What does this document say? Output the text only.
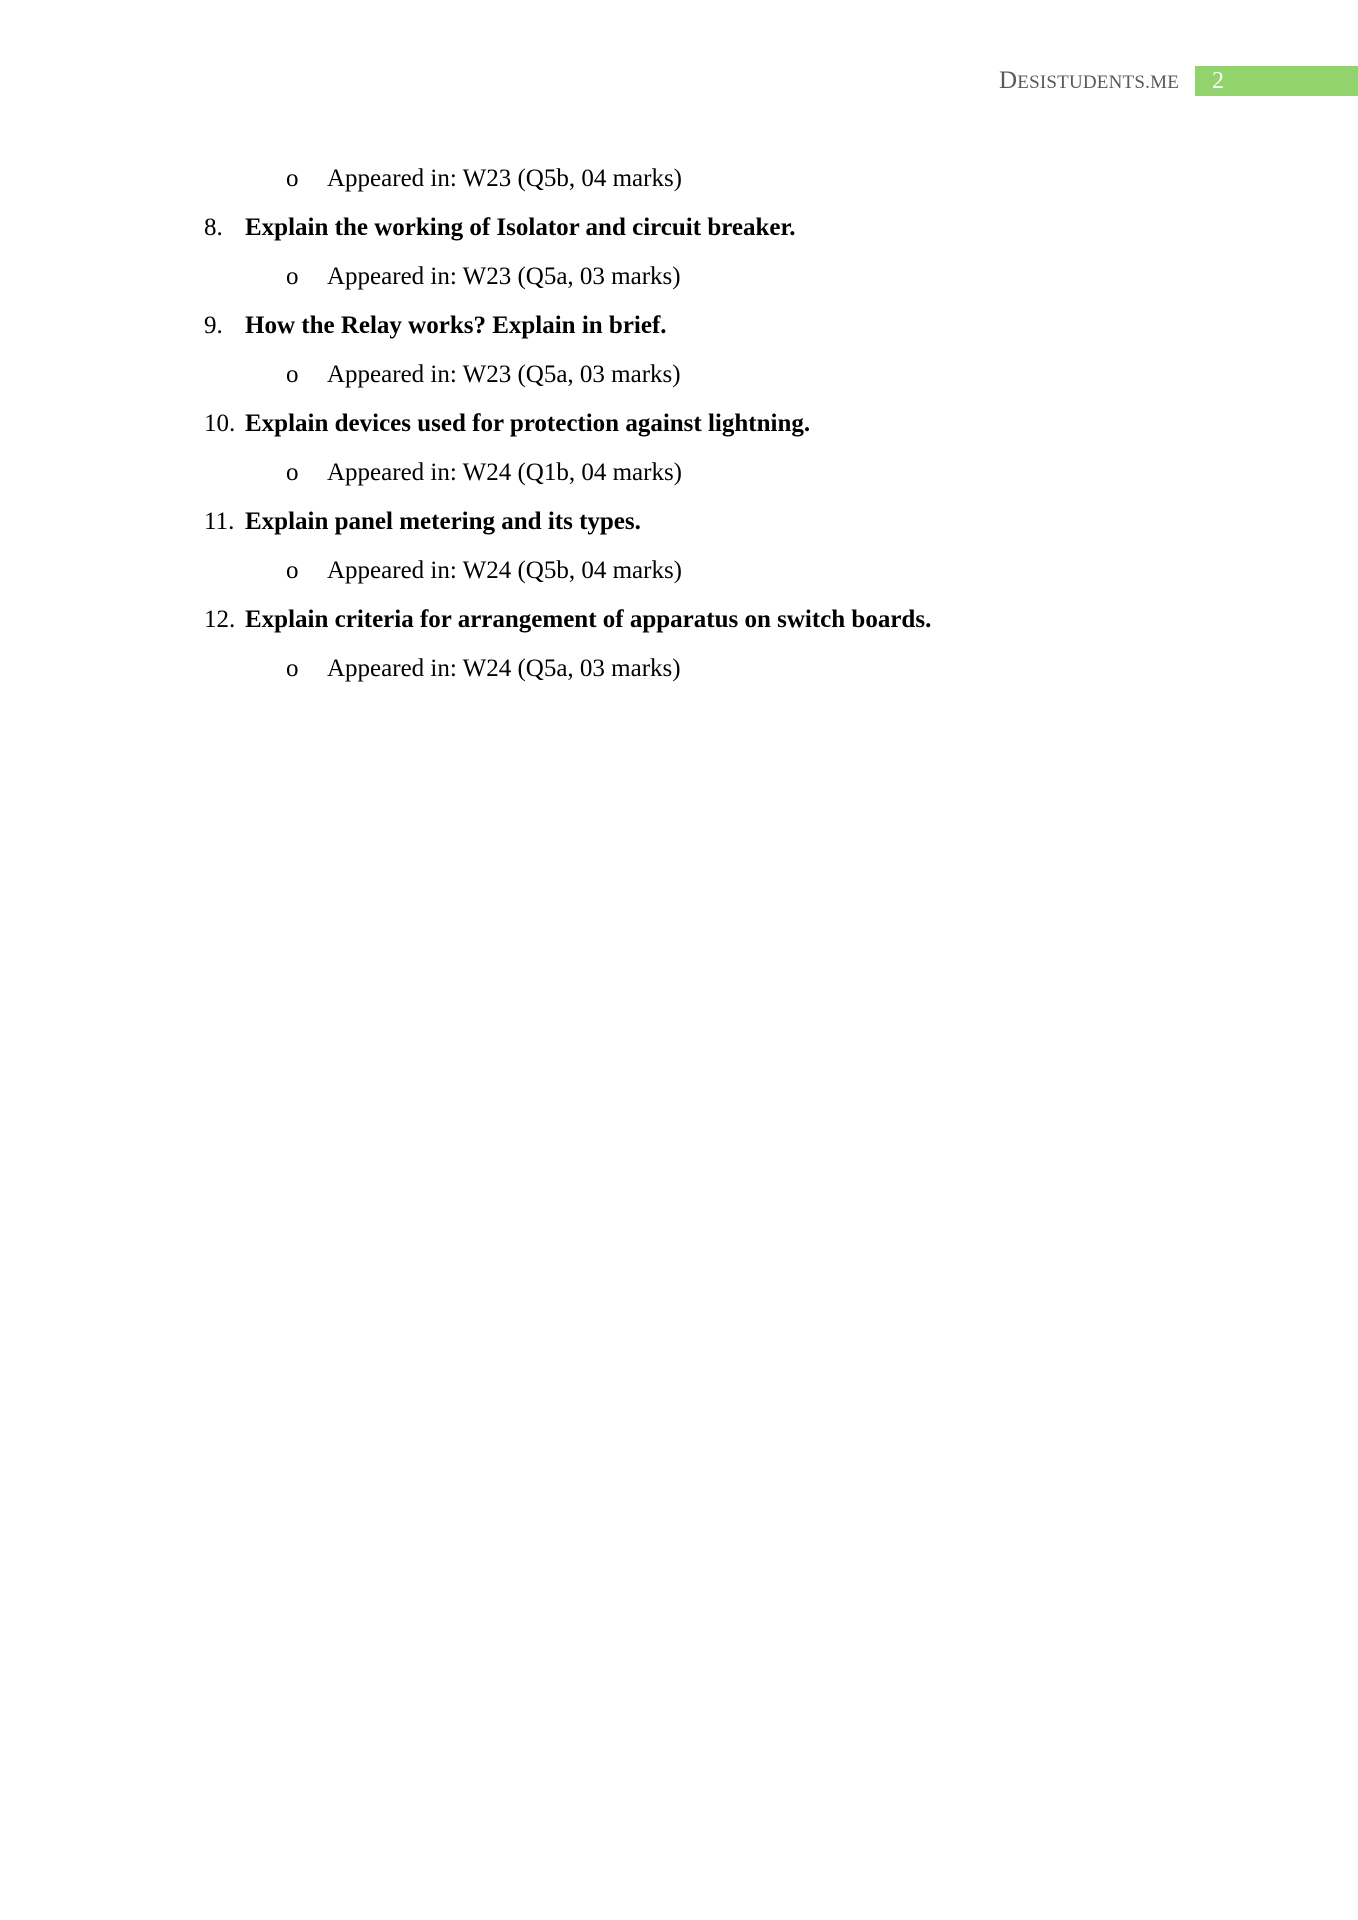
DESISTUDENTS.ME	2
o Appeared in: W23 (Q5b, 04 marks)
8. Explain the working of Isolator and circuit breaker.
o Appeared in: W23 (Q5a, 03 marks)
9. How the Relay works? Explain in brief.
o Appeared in: W23 (Q5a, 03 marks)
10. Explain devices used for protection against lightning.
o Appeared in: W24 (Q1b, 04 marks)
11. Explain panel metering and its types.
o Appeared in: W24 (Q5b, 04 marks)
12. Explain criteria for arrangement of apparatus on switch boards.
o Appeared in: W24 (Q5a, 03 marks)
